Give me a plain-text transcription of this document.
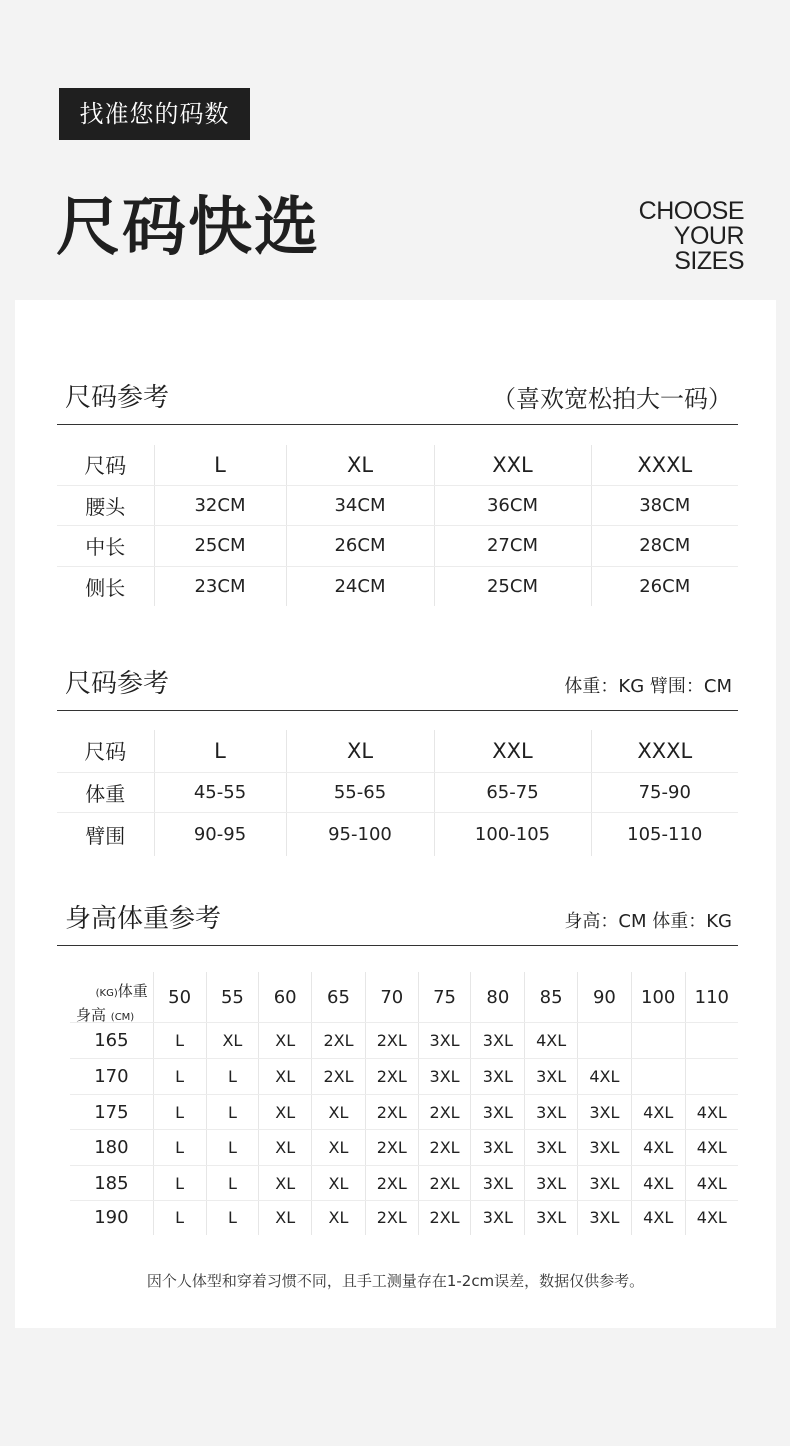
找准您的码数
尺码快选	CHOOSE
YOUR
SIZES
尺码参考	（喜欢宽松拍大一码）
尺码	L	XL	XXL	XXXL
腰头	32CM	34CM	36CM	38CM
中长	25CM	26CM	27CM	28CM
侧长	23CM	24CM	25CM	26CM
尺码参考	体重：KG 臂围：CM
尺码	L	XL	XXL	XXXL
体重	45-55	55-65	65-75	75-90
臂围	90-95	95-100	100-105	105-110
身高体重参考	身高：CM 体重：KG
(KG)体重
身高 (CM)	50	55	60	65	70	75	80	85	90	100	110
165	L	XL	XL	2XL	2XL	3XL	3XL	4XL			
170	L	L	XL	2XL	2XL	3XL	3XL	3XL	4XL		
175	L	L	XL	XL	2XL	2XL	3XL	3XL	3XL	4XL	4XL
180	L	L	XL	XL	2XL	2XL	3XL	3XL	3XL	4XL	4XL
185	L	L	XL	XL	2XL	2XL	3XL	3XL	3XL	4XL	4XL
190	L	L	XL	XL	2XL	2XL	3XL	3XL	3XL	4XL	4XL
因个人体型和穿着习惯不同，且手工测量存在1-2cm误差，数据仅供参考。
